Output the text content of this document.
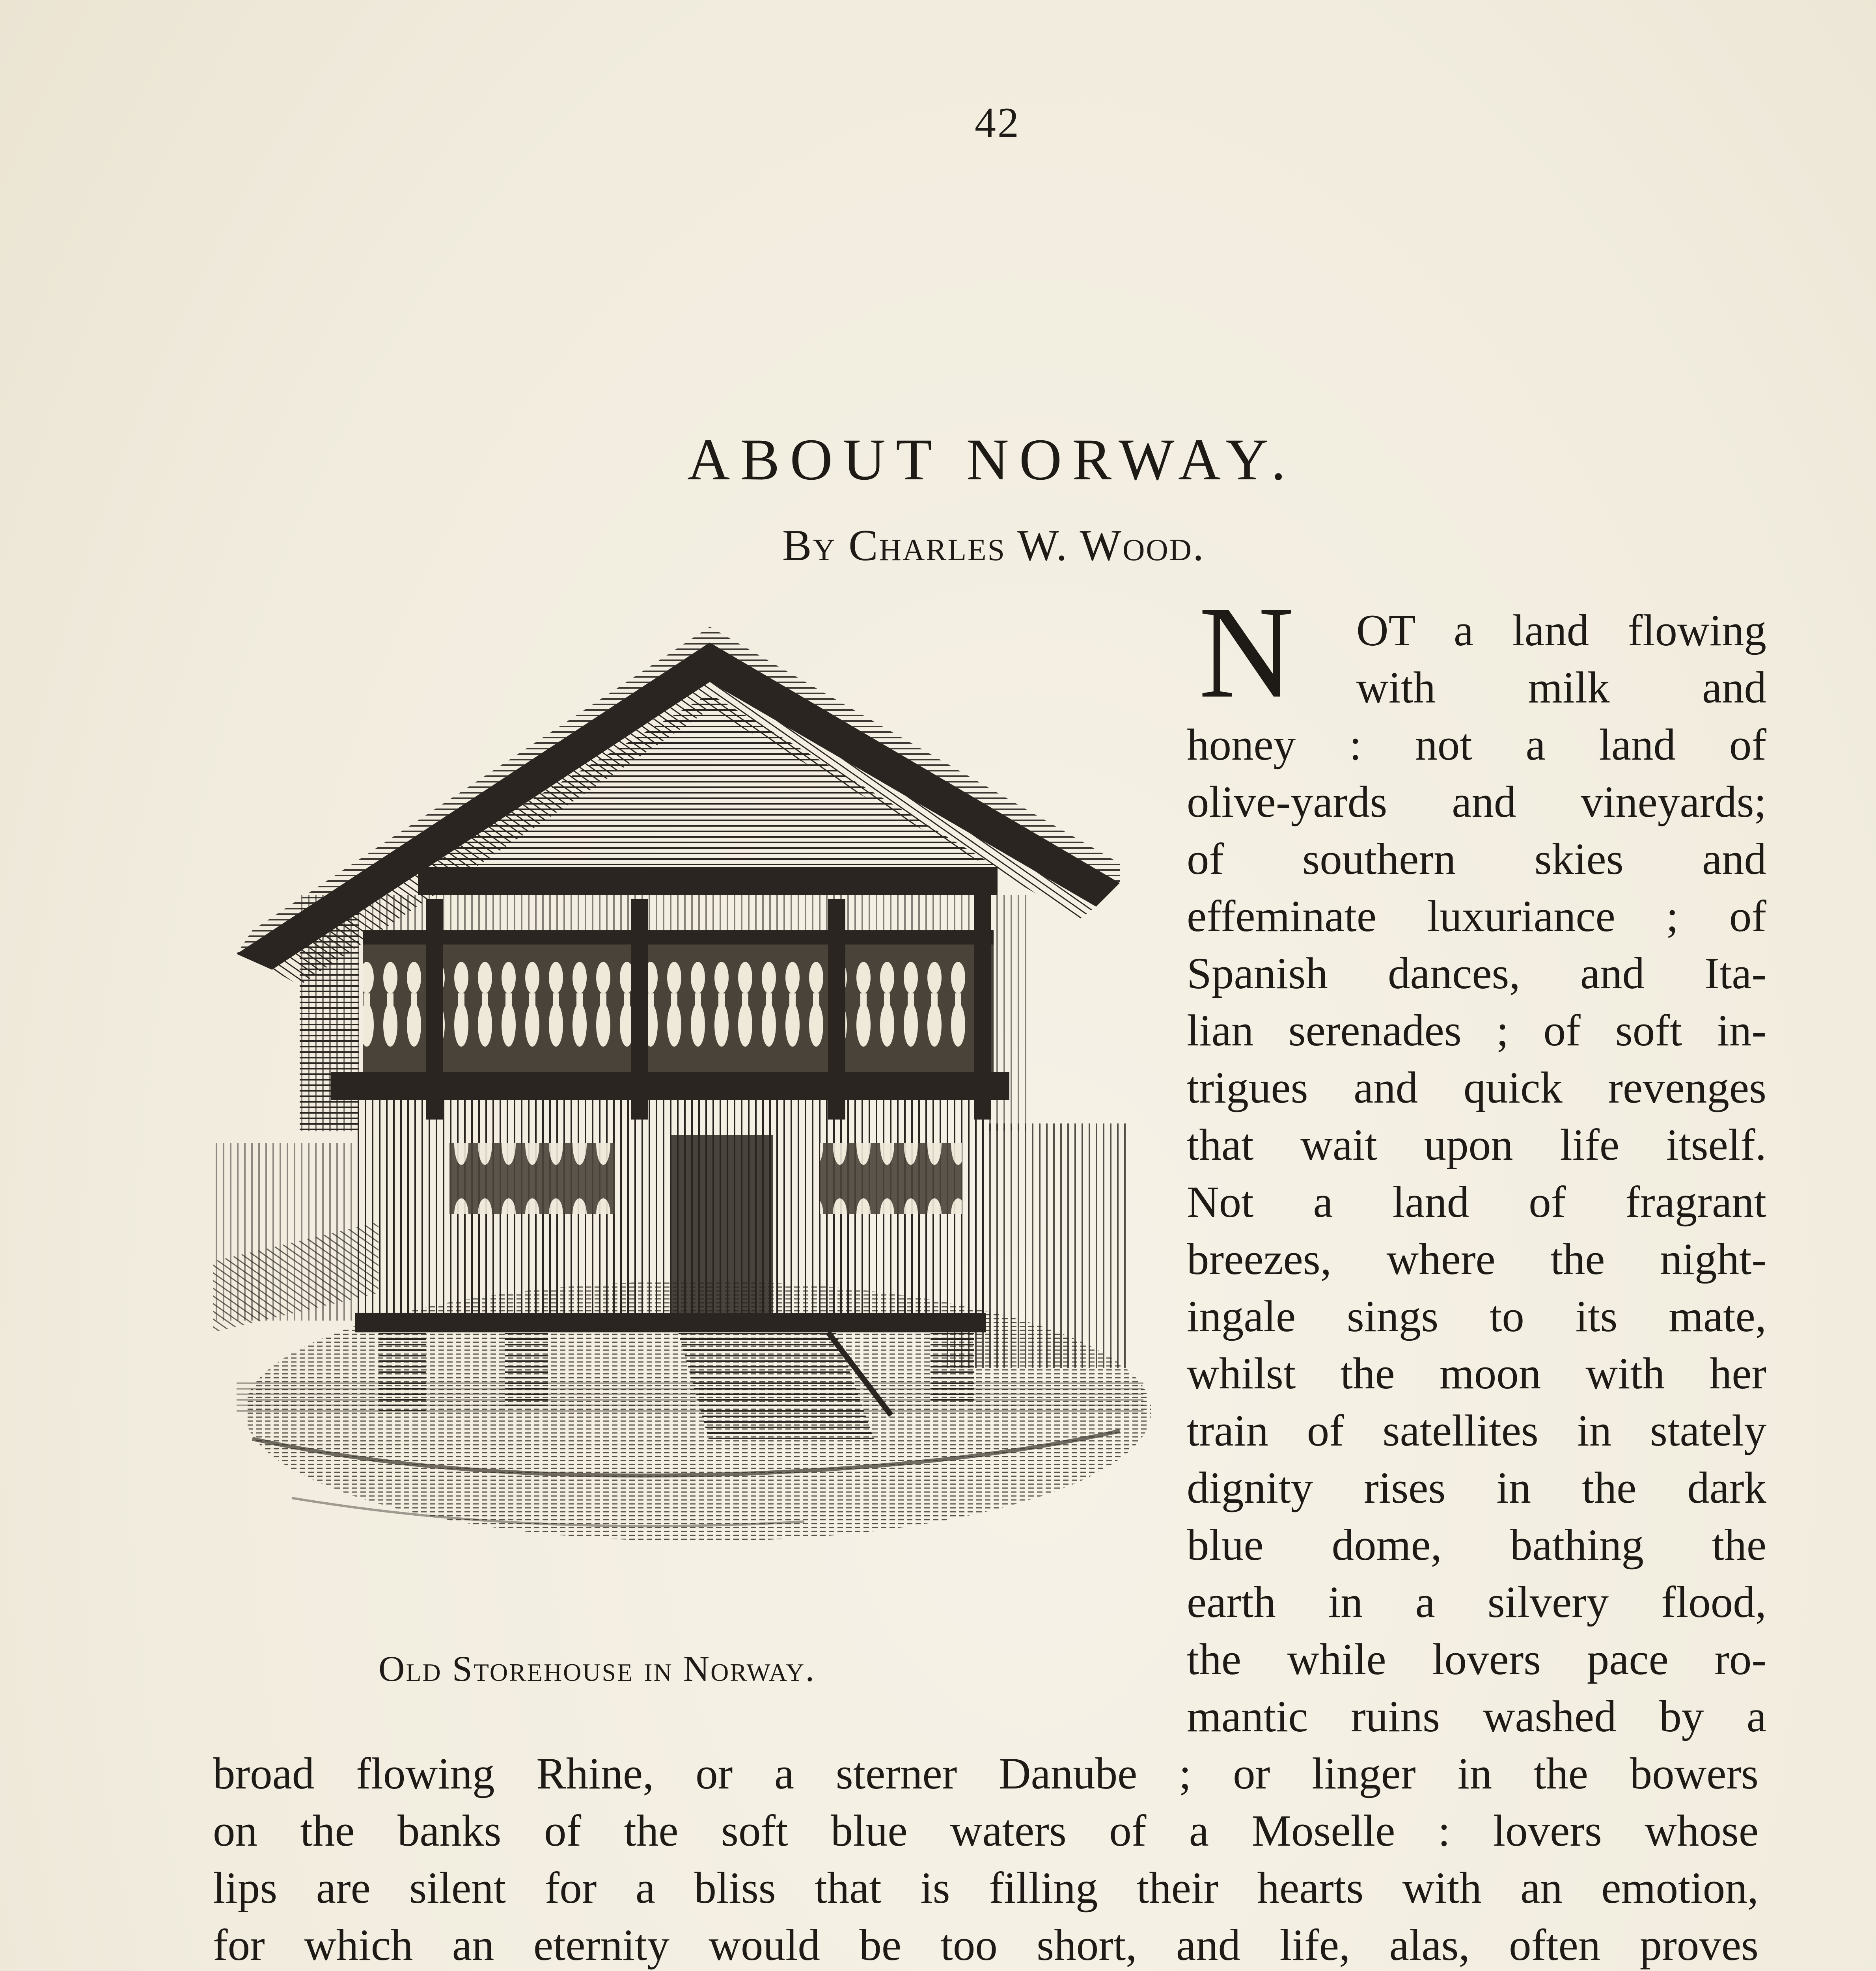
42
ABOUT NORWAY.
By Charles W. Wood.
Old Storehouse in Norway.
N OT a land flowing
with milk and
honey : not a land of
olive-yards and vineyards;
of southern skies and
effeminate luxuriance ; of
Spanish dances, and Ita-
lian serenades ; of soft in-
trigues and quick revenges
that wait upon life itself.
Not a land of fragrant
breezes, where the night-
ingale sings to its mate,
whilst the moon with her
train of satellites in stately
dignity rises in the dark
blue dome, bathing the
earth in a silvery flood,
the while lovers pace ro-
mantic ruins washed by a
broad flowing Rhine, or a sterner Danube ; or linger in the bowers
on the banks of the soft blue waters of a Moselle : lovers whose
lips are silent for a bliss that is filling their hearts with an emotion,
for which an eternity would be too short, and life, alas, often proves
